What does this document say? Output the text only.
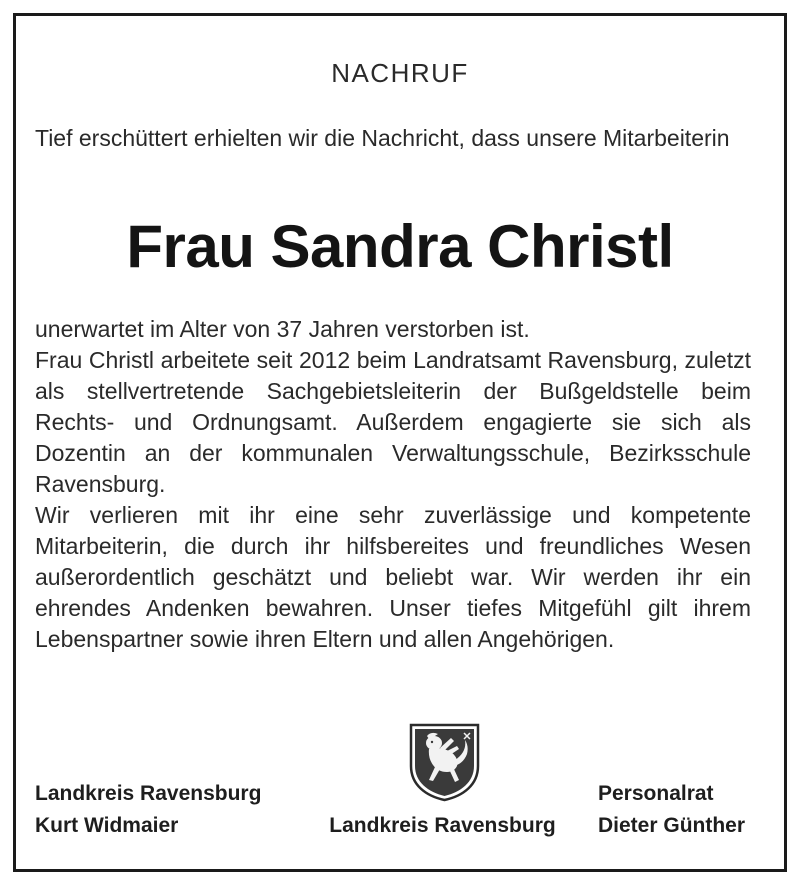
NACHRUF
Tief erschüttert erhielten wir die Nachricht, dass unsere Mitarbeiterin
Frau Sandra Christl

unerwartet im Alter von 37 Jahren verstorben ist.

Frau Christl arbeitete seit 2012 beim Landratsamt Ravensburg, zuletzt als stellvertretende Sachgebietsleiterin der Bußgeldstelle beim Rechts- und Ordnungsamt. Außerdem engagierte sie sich als Dozentin an der kommunalen Verwaltungsschule, Bezirksschule Ravensburg.

Wir verlieren mit ihr eine sehr zuverlässige und kompetente Mitarbeiterin, die durch ihr hilfsbereites und freundliches Wesen außerordentlich geschätzt und beliebt war. Wir werden ihr ein ehrendes Andenken bewahren. Unser tiefes Mitgefühl gilt ihrem Lebenspartner sowie ihren Eltern und allen Angehörigen.

Landkreis Ravensburg
Kurt Widmaier	Landkreis Ravensburg
Personalrat
Dieter Günther
